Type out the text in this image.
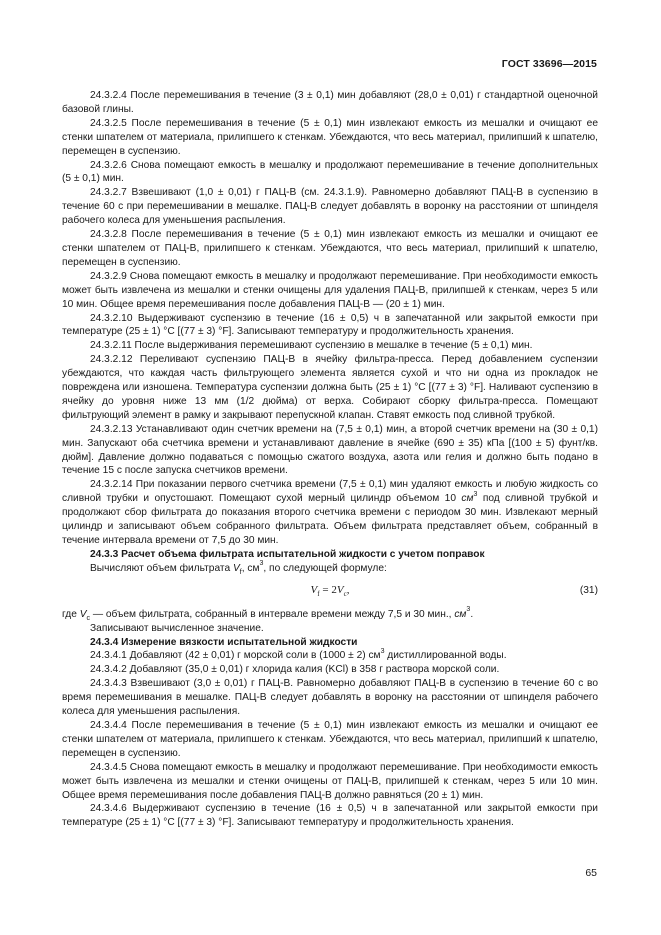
ГОСТ 33696—2015

24.3.2.4 После перемешивания в течение (3 ± 0,1) мин добавляют (28,0 ± 0,01) г стандартной оценочной базовой глины.

24.3.2.5 После перемешивания в течение (5 ± 0,1) мин извлекают емкость из мешалки и очищают ее стенки шпателем от материала, прилипшего к стенкам. Убеждаются, что весь материал, прилипший к шпателю, перемещен в суспензию.

24.3.2.6 Снова помещают емкость в мешалку и продолжают перемешивание в течение дополнительных (5 ± 0,1) мин.

24.3.2.7 Взвешивают (1,0 ± 0,01) г ПАЦ-В (см. 24.3.1.9). Равномерно добавляют ПАЦ-В в суспензию в течение 60 с при перемешивании в мешалке. ПАЦ-В следует добавлять в воронку на расстоянии от шпинделя рабочего колеса для уменьшения распыления.

24.3.2.8 После перемешивания в течение (5 ± 0,1) мин извлекают емкость из мешалки и очищают ее стенки шпателем от ПАЦ-В, прилипшего к стенкам. Убеждаются, что весь материал, прилипший к шпателю, перемещен в суспензию.

24.3.2.9 Снова помещают емкость в мешалку и продолжают перемешивание. При необходимости емкость может быть извлечена из мешалки и стенки очищены для удаления ПАЦ-В, прилипшей к стенкам, через 5 или 10 мин. Общее время перемешивания после добавления ПАЦ-В — (20 ± 1) мин.

24.3.2.10 Выдерживают суспензию в течение (16 ± 0,5) ч в запечатанной или закрытой емкости при температуре (25 ± 1) °С [(77 ± 3) °F]. Записывают температуру и продолжительность хранения.

24.3.2.11 После выдерживания перемешивают суспензию в мешалке в течение (5 ± 0,1) мин.

24.3.2.12 Переливают суспензию ПАЦ-В в ячейку фильтра-пресса. Перед добавлением суспензии убеждаются, что каждая часть фильтрующего элемента является сухой и что ни одна из прокладок не повреждена или изношена. Температура суспензии должна быть (25 ± 1) °С [(77 ± 3) °F]. Наливают суспензию в ячейку до уровня ниже 13 мм (1/2 дюйма) от верха. Собирают сборку фильтра-пресса. Помещают фильтрующий элемент в рамку и закрывают перепускной клапан. Ставят емкость под сливной трубкой.

24.3.2.13 Устанавливают один счетчик времени на (7,5 ± 0,1) мин, а второй счетчик времени на (30 ± 0,1) мин. Запускают оба счетчика времени и устанавливают давление в ячейке (690 ± 35) кПа [(100 ± 5) фунт/кв. дюйм]. Давление должно подаваться с помощью сжатого воздуха, азота или гелия и должно быть подано в течение 15 с после запуска счетчиков времени.

24.3.2.14 При показании первого счетчика времени (7,5 ± 0,1) мин удаляют емкость и любую жидкость со сливной трубки и опустошают. Помещают сухой мерный цилиндр объемом 10 $см^3$ под сливной трубкой и продолжают сбор фильтрата до показания второго счетчика времени с периодом 30 мин. Извлекают мерный цилиндр и записывают объем собранного фильтрата. Объем фильтрата представляет объем, собранный в течение интервала времени от 7,5 до 30 мин.

24.3.3 Расчет объема фильтрата испытательной жидкости с учетом поправок

Вычисляют объем фильтрата $V_f$, $см^3$, по следующей формуле:

$V_f = 2V_c$,	(31)

где $V_c$ — объем фильтрата, собранный в интервале времени между 7,5 и 30 мин., $см^3$.

Записывают вычисленное значение.

24.3.4 Измерение вязкости испытательной жидкости

24.3.4.1 Добавляют (42 ± 0,01) г морской соли в (1000 ± 2) $см^3$ дистиллированной воды.

24.3.4.2 Добавляют (35,0 ± 0,01) г хлорида калия (KCl) в 358 г раствора морской соли.

24.3.4.3 Взвешивают (3,0 ± 0,01) г ПАЦ-В. Равномерно добавляют ПАЦ-В в суспензию в течение 60 с во время перемешивания в мешалке. ПАЦ-В следует добавлять в воронку на расстоянии от шпинделя рабочего колеса для уменьшения распыления.

24.3.4.4 После перемешивания в течение (5 ± 0,1) мин извлекают емкость из мешалки и очищают ее стенки шпателем от материала, прилипшего к стенкам. Убеждаются, что весь материал, прилипший к шпателю, перемещен в суспензию.

24.3.4.5 Снова помещают емкость в мешалку и продолжают перемешивание. При необходимости емкость может быть извлечена из мешалки и стенки очищены от ПАЦ-В, прилипшей к стенкам, через 5 или 10 мин. Общее время перемешивания после добавления ПАЦ-В должно равняться (20 ± 1) мин.

24.3.4.6 Выдерживают суспензию в течение (16 ± 0,5) ч в запечатанной или закрытой емкости при температуре (25 ± 1) °С [(77 ± 3) °F]. Записывают температуру и продолжительность хранения.

65
